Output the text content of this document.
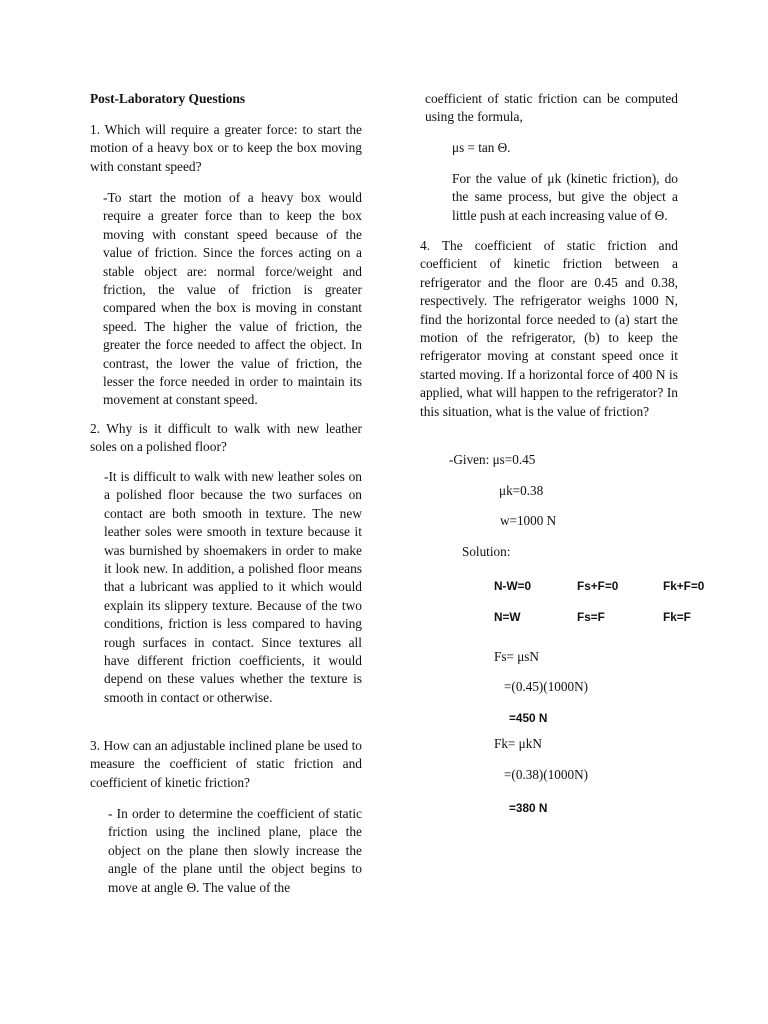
Post-Laboratory Questions

1. Which will require a greater force: to start the motion of a heavy box or to keep the box moving with constant speed?

-To start the motion of a heavy box would require a greater force than to keep the box moving with constant speed because of the value of friction. Since the forces acting on a stable object are: normal force/weight and friction, the value of friction is greater compared when the box is moving in constant speed. The higher the value of friction, the greater the force needed to affect the object. In contrast, the lower the value of friction, the lesser the force needed in order to maintain its movement at constant speed.

2. Why is it difficult to walk with new leather soles on a polished floor?

-It is difficult to walk with new leather soles on a polished floor because the two surfaces on contact are both smooth in texture. The new leather soles were smooth in texture because it was burnished by shoemakers in order to make it look new. In addition, a polished floor means that a lubricant was applied to it which would explain its slippery texture. Because of the two conditions, friction is less compared to having rough surfaces in contact. Since textures all have different friction coefficients, it would depend on these values whether the texture is smooth in contact or otherwise.

3. How can an adjustable inclined plane be used to measure the coefficient of static friction and coefficient of kinetic friction?

- In order to determine the coefficient of static friction using the inclined plane, place the object on the plane then slowly increase the angle of the plane until the object begins to move at angle Θ. The value of the

coefficient of static friction can be computed using the formula,

μs = tan Θ.

For the value of μk (kinetic friction), do the same process, but give the object a little push at each increasing value of Θ.

4. The coefficient of static friction and coefficient of kinetic friction between a refrigerator and the floor are 0.45 and 0.38, respectively. The refrigerator weighs 1000 N, find the horizontal force needed to (a) start the motion of the refrigerator, (b) to keep the refrigerator moving at constant speed once it started moving. If a horizontal force of 400 N is applied, what will happen to the refrigerator? In this situation, what is the value of friction?

-Given: μs=0.45
μk=0.38
w=1000 N
Solution:
N-W=0	Fs+F=0	Fk+F=0
N=W	Fs=F	Fk=F
Fs= μsN
=(0.45)(1000N)
=450 N
Fk= μkN
=(0.38)(1000N)
=380 N
